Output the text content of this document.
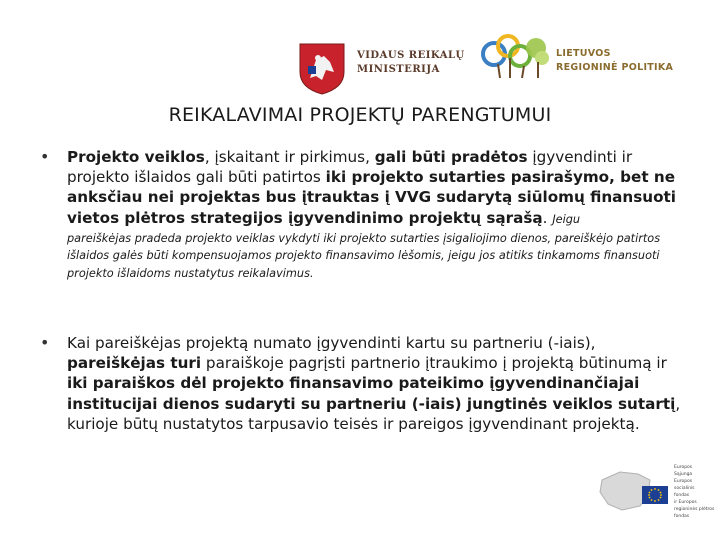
VIDAUS REIKALŲ
MINISTERIJA
LIETUVOS
REGIONINĖ POLITIKA
REIKALAVIMAI PROJEKTŲ PARENGTUMUI
• Projekto veiklos, įskaitant ir pirkimus, gali būti pradėtos įgyvendinti ir projekto išlaidos gali būti patirtos iki projekto sutarties pasirašymo, bet ne anksčiau nei projektas bus įtrauktas į VVG sudarytą siūlomų finansuoti vietos plėtros strategijos įgyvendinimo projektų sąrašą. Jeigu
pareiškėjas pradeda projekto veiklas vykdyti iki projekto sutarties įsigaliojimo dienos, pareiškėjo patirtos išlaidos galės būti kompensuojamos projekto finansavimo lėšomis, jeigu jos atitiks tinkamoms finansuoti projekto išlaidoms nustatytus reikalavimus.
• Kai pareiškėjas projektą numato įgyvendinti kartu su partneriu (-iais), pareiškėjas turi paraiškoje pagrįsti partnerio įtraukimo į projektą būtinumą ir iki paraiškos dėl projekto finansavimo pateikimo įgyvendinančiajai institucijai dienos sudaryti su partneriu (-iais) jungtinės veiklos sutartį, kurioje būtų nustatytos tarpusavio teisės ir pareigos įgyvendinant projektą.
Europos
Sąjunga
Europos
socialinis
fondas
ir Europos
regioninės plėtros
fondas
